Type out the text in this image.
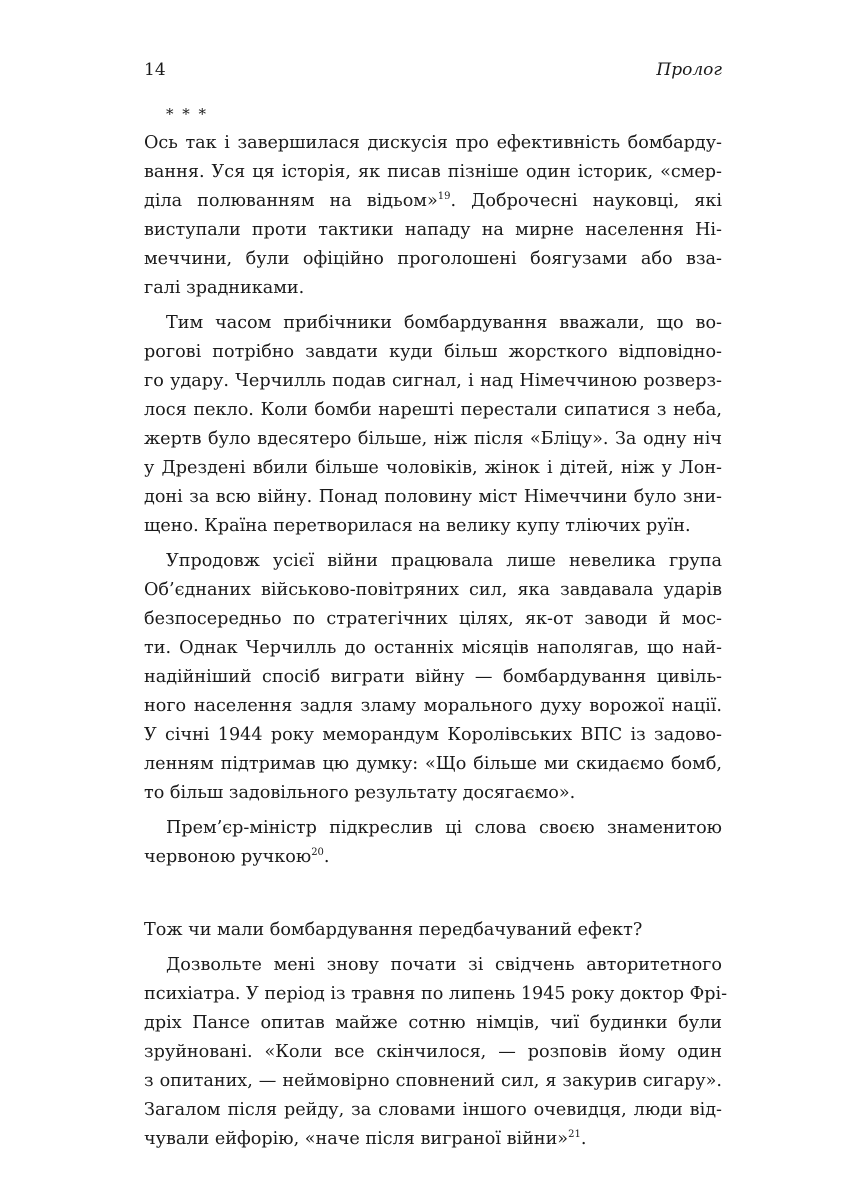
14	Пролог
* * *
Ось так і завершилася дискусія про ефективність бомбарду-
вання. Уся ця історія, як писав пізніше один історик, «смер-
ділa полюванням на відьом»$^{19}$. Доброчесні науковці, які
виступали проти тактики нападу на мирне населення Ні-
меччини, були офіційно проголошені боягузами або взa-
галі зрадниками.
Тим часом прибічники бомбардування вважали, що во-
рогові потрібно завдати куди більш жорсткого відповідно-
го удару. Черчилль подав сигнал, і над Німеччиною розверз-
лося пекло. Коли бомби нарешті перестали сипатися з неба,
жертв було вдесятеро більше, ніж після «Бліцу». За одну ніч
у Дрездені вбили більше чоловіків, жінок і дітей, ніж у Лон-
доні за всю війну. Понад половину міст Німеччини було зни-
щено. Країна перетворилася на велику купу тліючих руїн.
Упродовж усієї війни працювала лише невелика група
Об’єднаних військово-повітряних сил, яка завдавала ударів
безпосередньо по стратегічних цілях, як-от заводи й мос-
ти. Однак Черчилль до останніх місяців наполягав, що най-
надійніший спосіб виграти війну — бомбардування цивіль-
ного населення задля зламу морального духу ворожої нації.
У січні 1944 року меморандум Королівських ВПС із задово-
ленням підтримав цю думку: «Що більше ми скидаємо бомб,
то більш задовільного результату досягаємо».
Прем’єр-міністр підкреслив ці слова своєю знаменитою
червоною ручкою$^{20}$.
Тож чи мали бомбардування передбачуваний ефект?
Дозвольте мені знову почати зі свідчень авторитетного
психіатра. У період із травня по липень 1945 року доктор Фрі-
дріх Пансе опитав майже сотню німців, чиї будинки були
зруйновані. «Коли все скінчилося, — розповів йому один
з опитаних, — неймовірно сповнений сил, я закурив сигару».
Загалом після рейду, за словами іншого очевидця, люди від-
чували ейфорію, «наче після виграної війни»$^{21}$.
